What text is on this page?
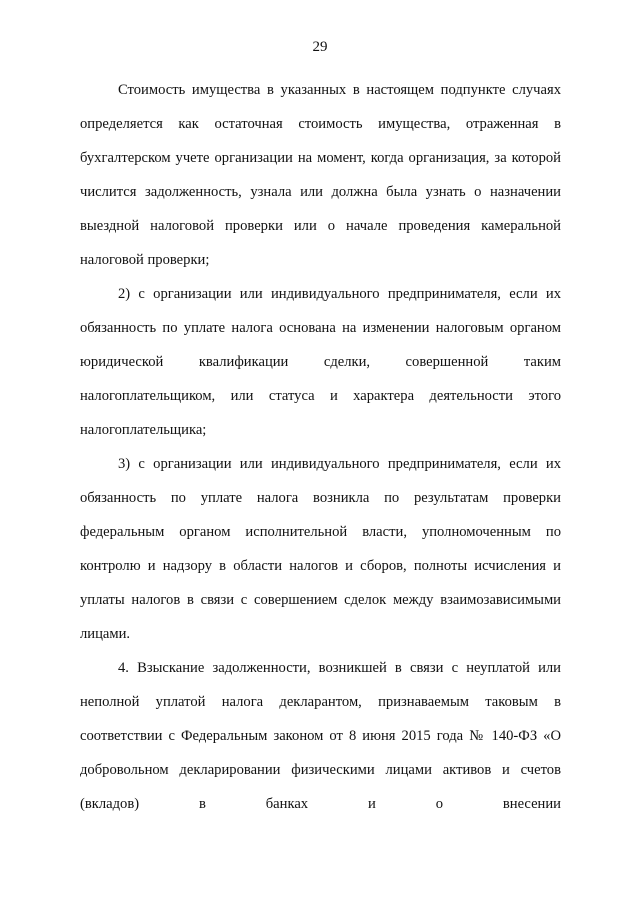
29

Стоимость имущества в указанных в настоящем подпункте случаях определяется как остаточная стоимость имущества, отраженная в бухгалтерском учете организации на момент, когда организация, за которой числится задолженность, узнала или должна была узнать о назначении выездной налоговой проверки или о начале проведения камеральной налоговой проверки;

2) с организации или индивидуального предпринимателя, если их обязанность по уплате налога основана на изменении налоговым органом юридической квалификации сделки, совершенной таким налогоплательщиком, или статуса и характера деятельности этого налогоплательщика;

3) с организации или индивидуального предпринимателя, если их обязанность по уплате налога возникла по результатам проверки федеральным органом исполнительной власти, уполномоченным по контролю и надзору в области налогов и сборов, полноты исчисления и уплаты налогов в связи с совершением сделок между взаимозависимыми лицами.

4. Взыскание задолженности, возникшей в связи с неуплатой или неполной уплатой налога декларантом, признаваемым таковым в соответствии с Федеральным законом от 8 июня 2015 года № 140-ФЗ «О добровольном декларировании физическими лицами активов и счетов (вкладов) в банках и о внесении
